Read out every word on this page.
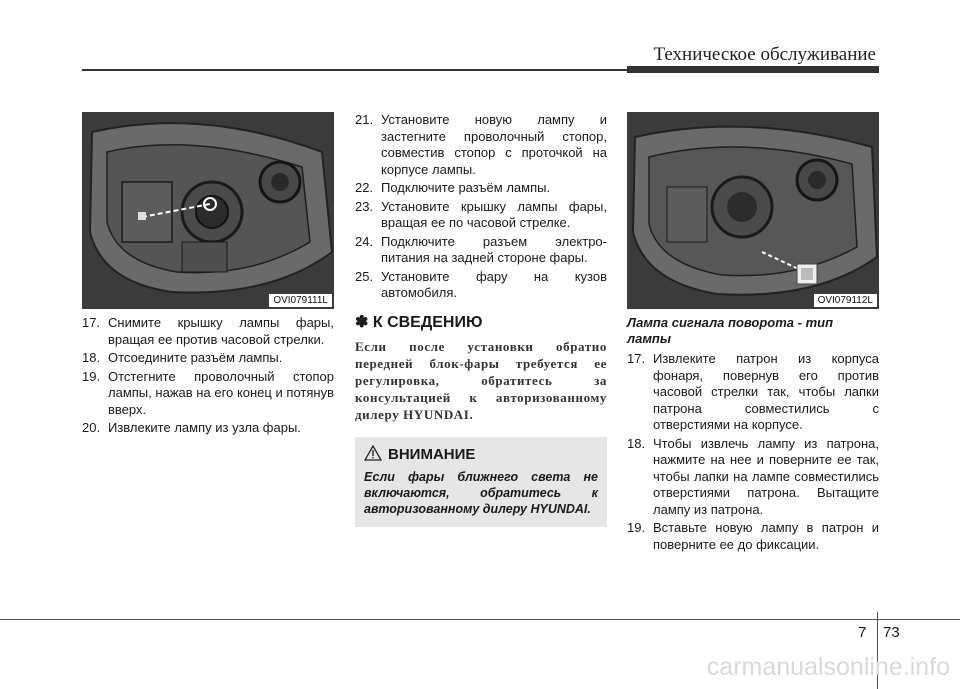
Техническое обслуживание
OVI079111L
17. Снимите крышку лампы фары, вращая ее против часовой стрелки.
18. Отсоедините разъём лампы.
19. Отстегните проволочный стопор лампы, нажав на его конец и потянув вверх.
20. Извлеките лампу из узла фары.
21. Установите новую лампу и застегните проволочный стопор, совместив стопор с проточкой на корпусе лампы.
22. Подключите разъём лампы.
23. Установите крышку лампы фары, вращая ее по часовой стрелке.
24. Подключите разъем электро- питания на задней стороне фары.
25. Установите фару на кузов автомобиля.
✽ К СВЕДЕНИЮ
Если после установки обратно передней блок-фары требуется ее регулировка, обратитесь за консультацией к авторизованному дилеру HYUNDAI.
ВНИМАНИЕ
Если фары ближнего света не включаются, обратитесь к авторизованному дилеру HYUNDAI.
OVI079112L
Лампа сигнала поворота - тип лампы
17. Извлеките патрон из корпуса фонаря, повернув его против часовой стрелки так, чтобы лапки патрона совместились с отверстиями на корпусе.
18. Чтобы извлечь лампу из патрона, нажмите на нее и поверните ее так, чтобы лапки на лампе совместились отверстиями патрона. Вытащите лампу из патрона.
19. Вставьте новую лампу в патрон и поверните ее до фиксации.
7 73
carmanualsonline.info
